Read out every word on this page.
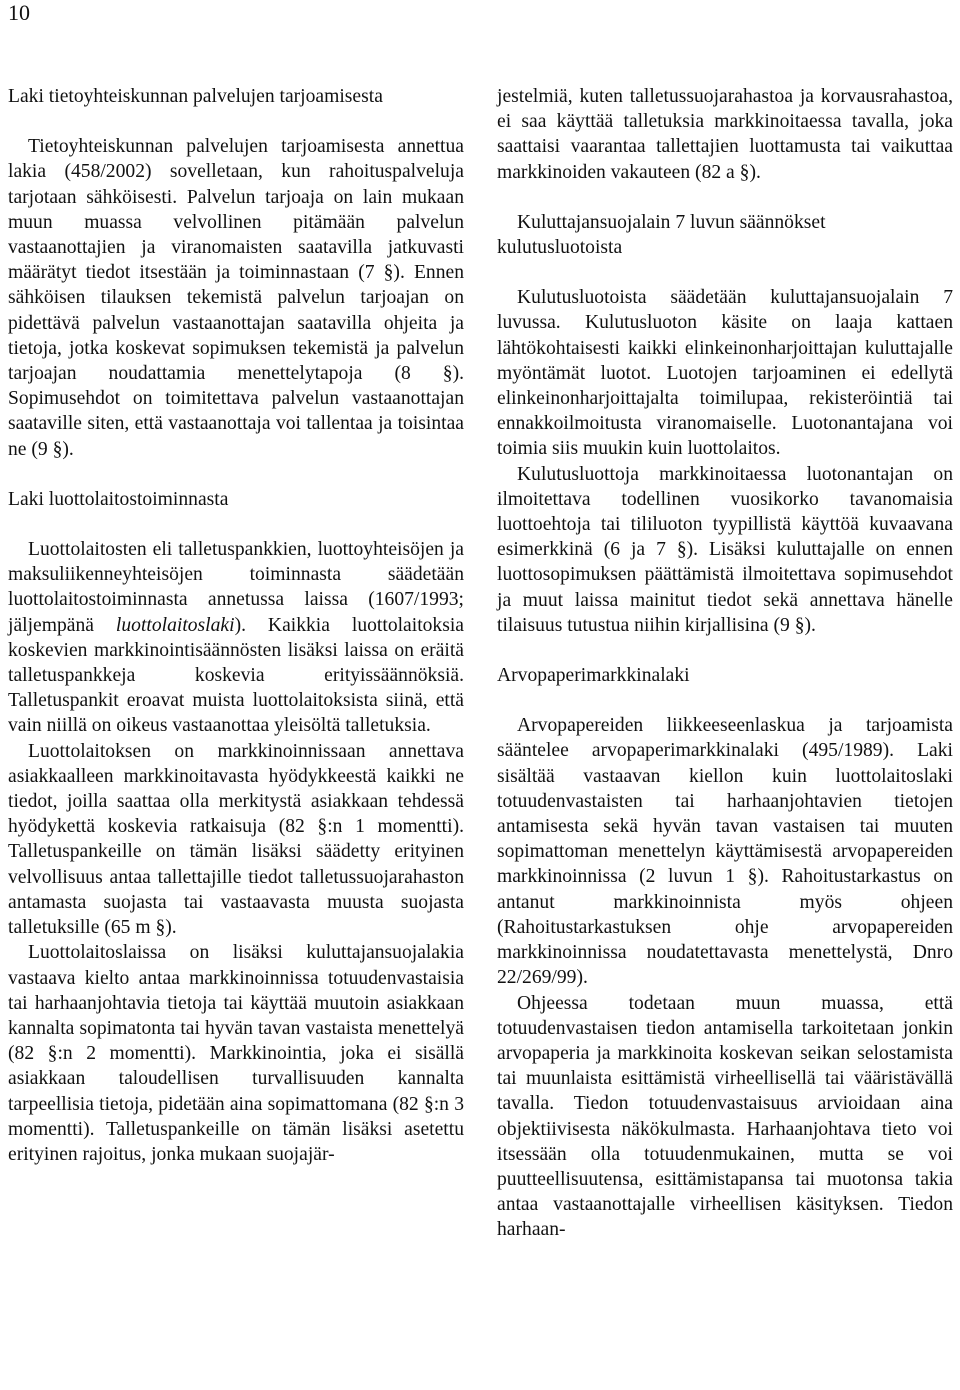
10
Laki tietoyhteiskunnan palvelujen tarjoamisesta

Tietoyhteiskunnan palvelujen tarjoamisesta annettua lakia (458/2002) sovelletaan, kun rahoituspalveluja tarjotaan sähköisesti. Palvelun tarjoaja on lain mukaan muun muassa velvollinen pitämään palvelun vastaanottajien ja viranomaisten saatavilla jatkuvasti määrätyt tiedot itsestään ja toiminnastaan (7 §). Ennen sähköisen tilauksen tekemistä palvelun tarjoajan on pidettävä palvelun vastaanottajan saatavilla ohjeita ja tietoja, jotka koskevat sopimuksen tekemistä ja palvelun tarjoajan noudattamia menettelytapoja (8 §). Sopimusehdot on toimitettava palvelun vastaanottajan saataville siten, että vastaanottaja voi tallentaa ja toisintaa ne (9 §).

Laki luottolaitostoiminnasta

Luottolaitosten eli talletuspankkien, luottoyhteisöjen ja maksuliikenneyhteisöjen toiminnasta säädetään luottolaitostoiminnasta annetussa laissa (1607/1993; jäljempänä luottolaitoslaki). Kaikkia luottolaitoksia koskevien markkinointisäännösten lisäksi laissa on eräitä talletuspankkeja koskevia erityissäännöksiä. Talletuspankit eroavat muista luottolaitoksista siinä, että vain niillä on oikeus vastaanottaa yleisöltä talletuksia.

Luottolaitoksen on markkinoinnissaan annettava asiakkaalleen markkinoitavasta hyödykkeestä kaikki ne tiedot, joilla saattaa olla merkitystä asiakkaan tehdessä hyödykettä koskevia ratkaisuja (82 §:n 1 momentti). Talletuspankeille on tämän lisäksi säädetty erityinen velvollisuus antaa tallettajille tiedot talletussuojarahaston antamasta suojasta tai vastaavasta muusta suojasta talletuksille (65 m §).

Luottolaitoslaissa on lisäksi kuluttajansuojalakia vastaava kielto antaa markkinoinnissa totuudenvastaisia tai harhaanjohtavia tietoja tai käyttää muutoin asiakkaan kannalta sopimatonta tai hyvän tavan vastaista menettelyä (82 §:n 2 momentti). Markkinointia, joka ei sisällä asiakkaan taloudellisen turvallisuuden kannalta tarpeellisia tietoja, pidetään aina sopimattomana (82 §:n 3 momentti). Talletuspankeille on tämän lisäksi asetettu erityinen rajoitus, jonka mukaan suojajär-

jestelmiä, kuten talletussuojarahastoa ja korvausrahastoa, ei saa käyttää talletuksia markkinoitaessa tavalla, joka saattaisi vaarantaa tallettajien luottamusta tai vaikuttaa markkinoiden vakauteen (82 a §).

Kuluttajansuojalain 7 luvun säännökset kulutusluotoista

Kulutusluotoista säädetään kuluttajansuojalain 7 luvussa. Kulutusluoton käsite on laaja kattaen lähtökohtaisesti kaikki elinkeinonharjoittajan kuluttajalle myöntämät luotot. Luotojen tarjoaminen ei edellytä elinkeinonharjoittajalta toimilupaa, rekisteröintiä tai ennakkoilmoitusta viranomaiselle. Luotonantajana voi toimia siis muukin kuin luottolaitos.

Kulutusluottoja markkinoitaessa luotonantajan on ilmoitettava todellinen vuosikorko tavanomaisia luottoehtoja tai tililuoton tyypillistä käyttöä kuvaavana esimerkkinä (6 ja 7 §). Lisäksi kuluttajalle on ennen luottosopimuksen päättämistä ilmoitettava sopimusehdot ja muut laissa mainitut tiedot sekä annettava hänelle tilaisuus tutustua niihin kirjallisina (9 §).

Arvopaperimarkkinalaki

Arvopapereiden liikkeeseenlaskua ja tarjoamista sääntelee arvopaperimarkkinalaki (495/1989). Laki sisältää vastaavan kiellon kuin luottolaitoslaki totuudenvastaisten tai harhaanjohtavien tietojen antamisesta sekä hyvän tavan vastaisen tai muuten sopimattoman menettelyn käyttämisestä arvopapereiden markkinoinnissa (2 luvun 1 §). Rahoitustarkastus on antanut markkinoinnista myös ohjeen (Rahoitustarkastuksen ohje arvopapereiden markkinoinnissa noudatettavasta menettelystä, Dnro 22/269/99).

Ohjeessa todetaan muun muassa, että totuudenvastaisen tiedon antamisella tarkoitetaan jonkin arvopaperia ja markkinoita koskevan seikan selostamista tai muunlaista esittämistä virheellisellä tai vääristävällä tavalla. Tiedon totuudenvastaisuus arvioidaan aina objektiivisesta näkökulmasta. Harhaanjohtava tieto voi itsessään olla totuudenmukainen, mutta se voi puutteellisuutensa, esittämistapansa tai muotonsa takia antaa vastaanottajalle virheellisen käsityksen. Tiedon harhaan-
